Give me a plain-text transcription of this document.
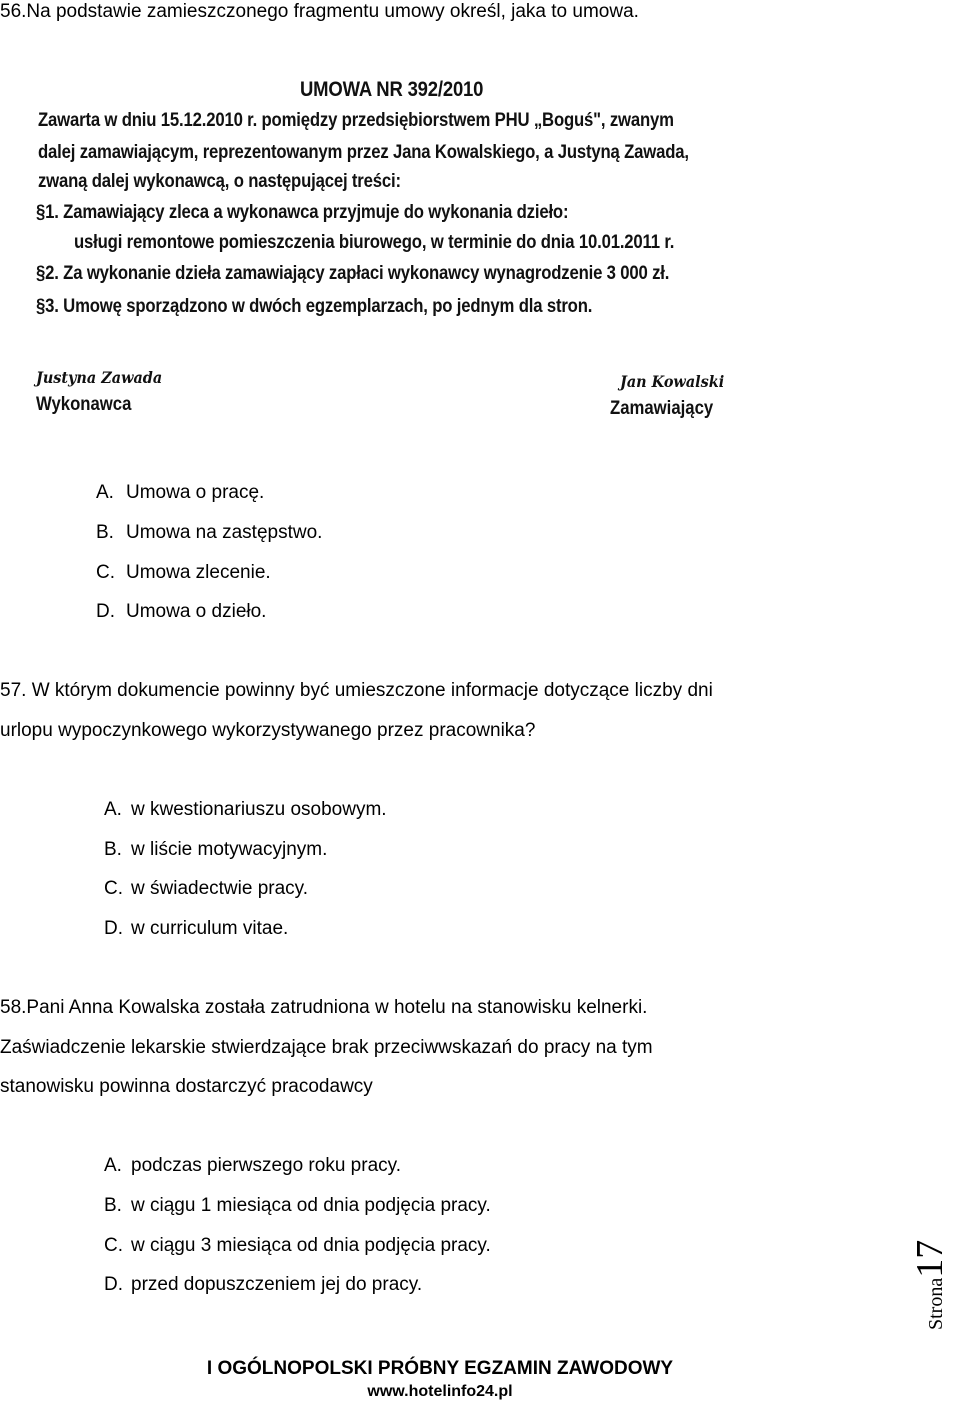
56.Na podstawie zamieszczonego fragmentu umowy określ, jaka to umowa.
UMOWA NR 392/2010
Zawarta w dniu 15.12.2010 r. pomiędzy przedsiębiorstwem PHU „Boguś", zwanym
dalej zamawiającym, reprezentowanym przez Jana Kowalskiego, a Justyną Zawada,
zwaną dalej wykonawcą, o następującej treści:
§1. Zamawiający zleca a wykonawca przyjmuje do wykonania dzieło:
usługi remontowe pomieszczenia biurowego, w terminie do dnia 10.01.2011 r.
§2. Za wykonanie dzieła zamawiający zapłaci wykonawcy wynagrodzenie 3 000 zł.
§3. Umowę sporządzono w dwóch egzemplarzach, po jednym dla stron.
Justyna Zawada
Wykonawca
Jan Kowalski
Zamawiający
A. Umowa o pracę.
B. Umowa na zastępstwo.
C. Umowa zlecenie.
D. Umowa o dzieło.
57. W którym dokumencie powinny być umieszczone informacje dotyczące liczby dni
urlopu wypoczynkowego wykorzystywanego przez pracownika?
A. w kwestionariuszu osobowym.
B. w liście motywacyjnym.
C. w świadectwie pracy.
D. w curriculum vitae.
58.Pani Anna Kowalska została zatrudniona w hotelu na stanowisku kelnerki.
Zaświadczenie lekarskie stwierdzające brak przeciwwskazań do pracy na tym
stanowisku powinna dostarczyć pracodawcy
A. podczas pierwszego roku pracy.
B. w ciągu 1 miesiąca od dnia podjęcia pracy.
C. w ciągu 3 miesiąca od dnia podjęcia pracy.
D. przed dopuszczeniem jej do pracy.	Strona17
I OGÓLNOPOLSKI PRÓBNY EGZAMIN ZAWODOWY
www.hotelinfo24.pl
